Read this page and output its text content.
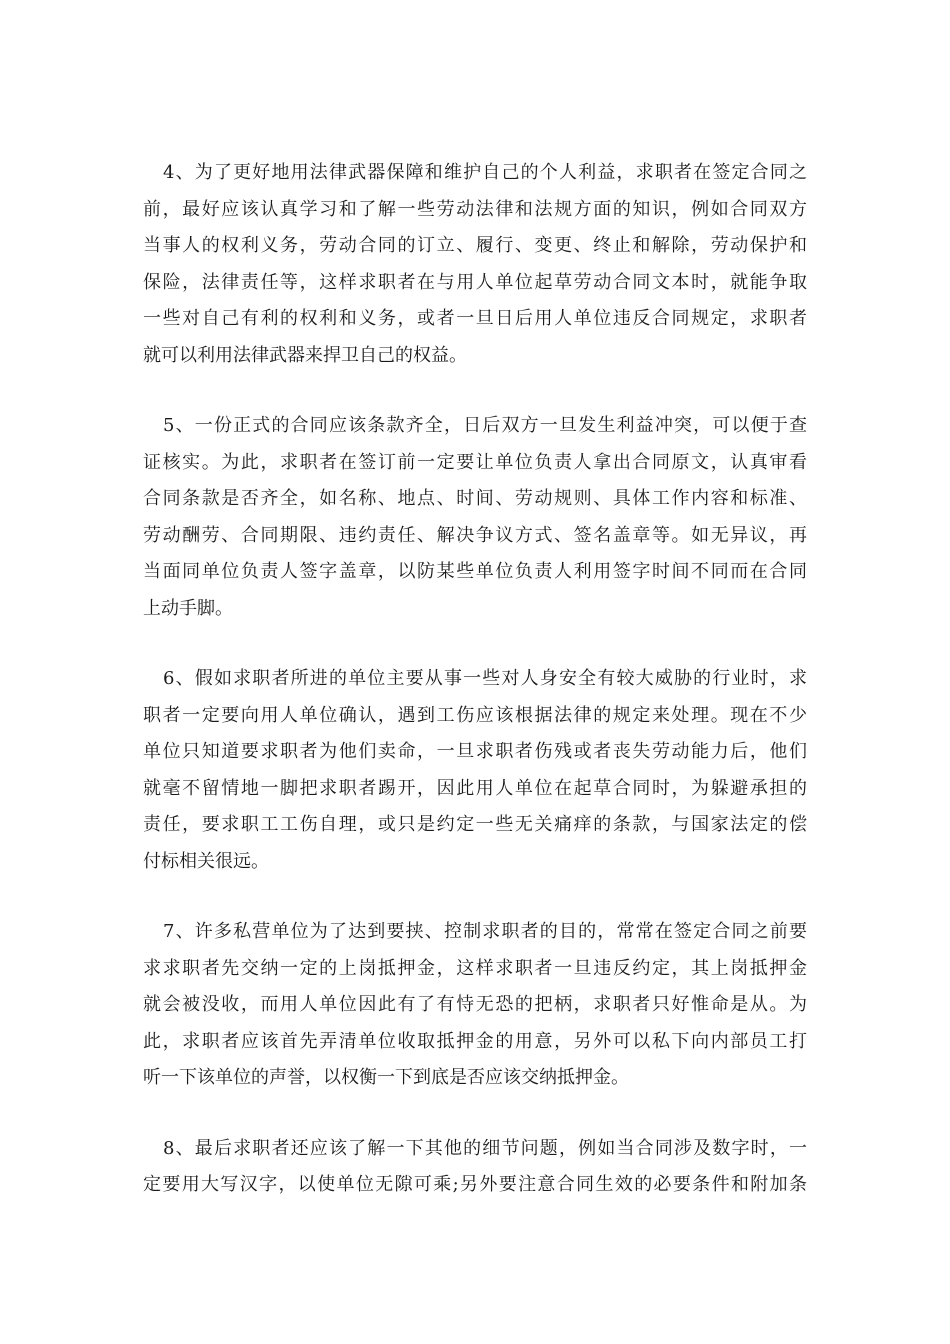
4、为了更好地用法律武器保障和维护自己的个人利益，求职者在签定合同之
前，最好应该认真学习和了解一些劳动法律和法规方面的知识，例如合同双方
当事人的权利义务，劳动合同的订立、履行、变更、终止和解除，劳动保护和
保险，法律责任等，这样求职者在与用人单位起草劳动合同文本时，就能争取
一些对自己有利的权利和义务，或者一旦日后用人单位违反合同规定，求职者
就可以利用法律武器来捍卫自己的权益。

5、一份正式的合同应该条款齐全，日后双方一旦发生利益冲突，可以便于查
证核实。为此，求职者在签订前一定要让单位负责人拿出合同原文，认真审看
合同条款是否齐全，如名称、地点、时间、劳动规则、具体工作内容和标准、
劳动酬劳、合同期限、违约责任、解决争议方式、签名盖章等。如无异议，再
当面同单位负责人签字盖章，以防某些单位负责人利用签字时间不同而在合同
上动手脚。

6、假如求职者所进的单位主要从事一些对人身安全有较大威胁的行业时，求
职者一定要向用人单位确认，遇到工伤应该根据法律的规定来处理。现在不少
单位只知道要求职者为他们卖命，一旦求职者伤残或者丧失劳动能力后，他们
就毫不留情地一脚把求职者踢开，因此用人单位在起草合同时，为躲避承担的
责任，要求职工工伤自理，或只是约定一些无关痛痒的条款，与国家法定的偿
付标相关很远。

7、许多私营单位为了达到要挟、控制求职者的目的，常常在签定合同之前要
求求职者先交纳一定的上岗抵押金，这样求职者一旦违反约定，其上岗抵押金
就会被没收，而用人单位因此有了有恃无恐的把柄，求职者只好惟命是从。为
此，求职者应该首先弄清单位收取抵押金的用意，另外可以私下向内部员工打
听一下该单位的声誉，以权衡一下到底是否应该交纳抵押金。

8、最后求职者还应该了解一下其他的细节问题，例如当合同涉及数字时，一
定要用大写汉字，以使单位无隙可乘;另外要注意合同生效的必要条件和附加条
